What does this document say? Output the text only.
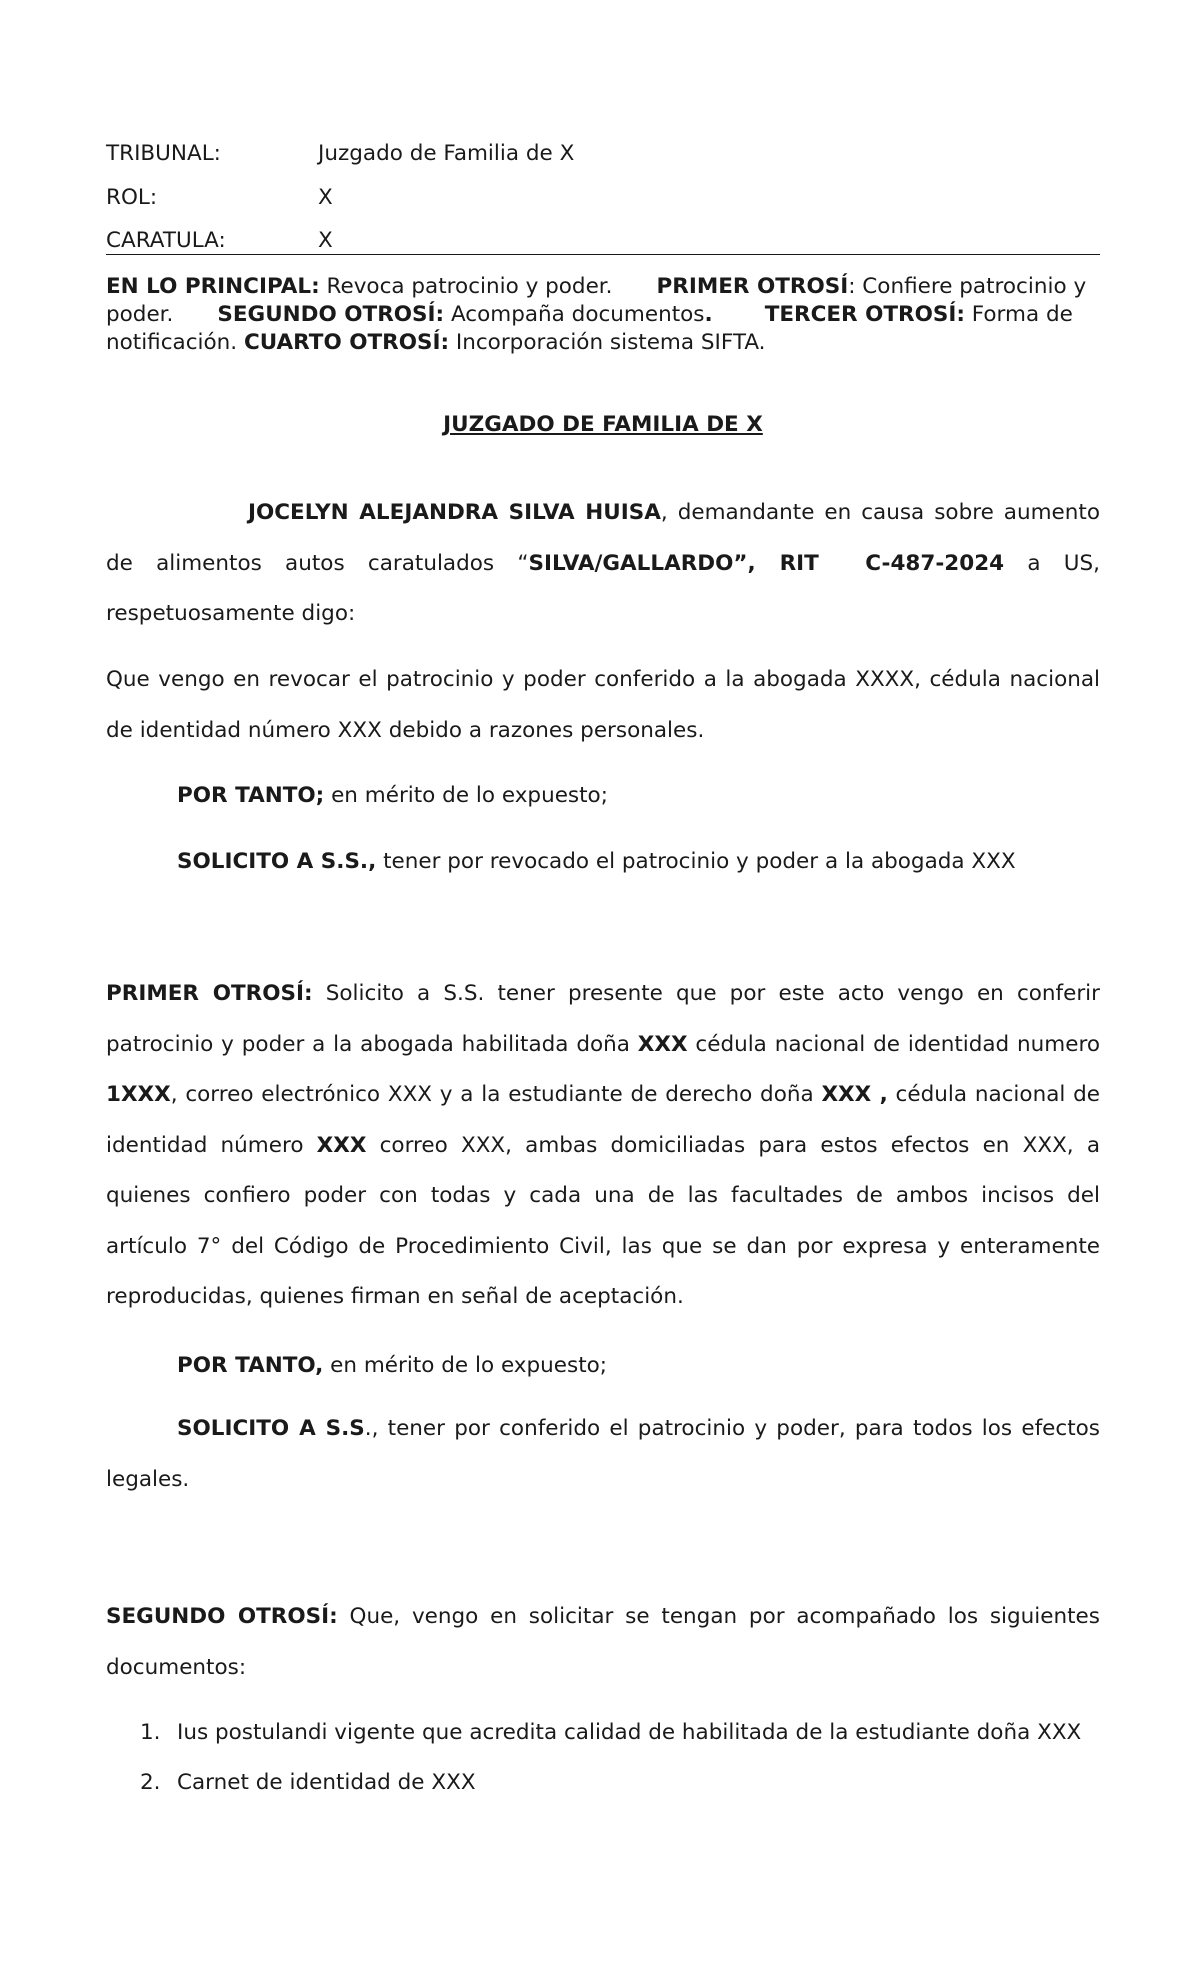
TRIBUNAL:	Juzgado de Familia de X
ROL:	X
CARATULA:	X
EN LO PRINCIPAL: Revoca patrocinio y poder. PRIMER OTROSÍ: Confiere patrocinio y poder. SEGUNDO OTROSÍ: Acompaña documentos. TERCER OTROSÍ: Forma de notificación. CUARTO OTROSÍ: Incorporación sistema SIFTA.
JUZGADO DE FAMILIA DE X
JOCELYN ALEJANDRA SILVA HUISA, demandante en causa sobre aumento de alimentos autos caratulados “SILVA/GALLARDO”, RIT C-487-2024 a US, respetuosamente digo:
Que vengo en revocar el patrocinio y poder conferido a la abogada XXXX, cédula nacional de identidad número XXX debido a razones personales.
POR TANTO; en mérito de lo expuesto;
SOLICITO A S.S., tener por revocado el patrocinio y poder a la abogada XXX
PRIMER OTROSÍ: Solicito a S.S. tener presente que por este acto vengo en conferir patrocinio y poder a la abogada habilitada doña XXX cédula nacional de identidad numero 1XXX, correo electrónico XXX y a la estudiante de derecho doña XXX , cédula nacional de identidad número XXX correo XXX, ambas domiciliadas para estos efectos en XXX, a quienes confiero poder con todas y cada una de las facultades de ambos incisos del artículo 7° del Código de Procedimiento Civil, las que se dan por expresa y enteramente reproducidas, quienes firman en señal de aceptación.
POR TANTO, en mérito de lo expuesto;
SOLICITO A S.S., tener por conferido el patrocinio y poder, para todos los efectos legales.
SEGUNDO OTROSÍ: Que, vengo en solicitar se tengan por acompañado los siguientes documentos:
1. Ius postulandi vigente que acredita calidad de habilitada de la estudiante doña XXX
2. Carnet de identidad de XXX
